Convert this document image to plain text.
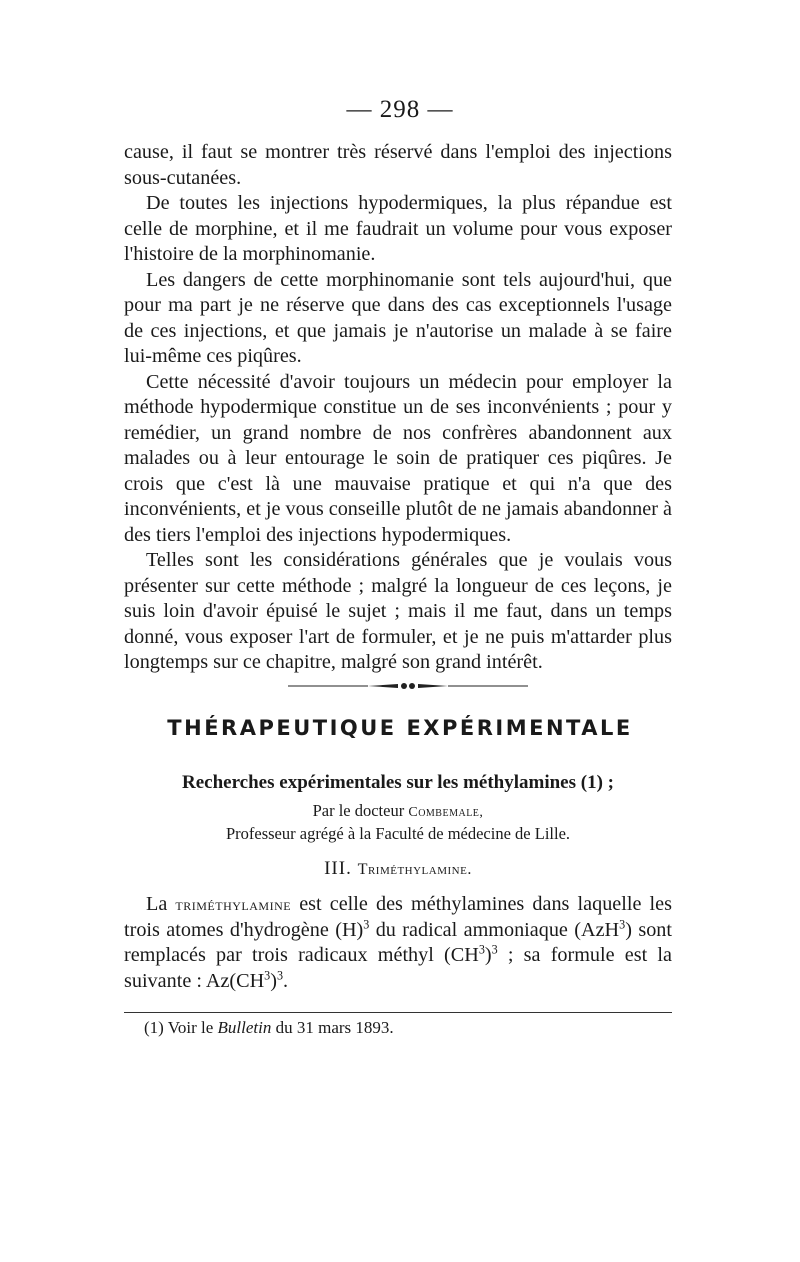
— 298 —

cause, il faut se montrer très réservé dans l'emploi des injections sous-cutanées.

De toutes les injections hypodermiques, la plus répandue est celle de morphine, et il me faudrait un volume pour vous exposer l'histoire de la morphinomanie.

Les dangers de cette morphinomanie sont tels aujourd'hui, que pour ma part je ne réserve que dans des cas exceptionnels l'usage de ces injections, et que jamais je n'autorise un malade à se faire lui-même ces piqûres.

Cette nécessité d'avoir toujours un médecin pour employer la méthode hypodermique constitue un de ses inconvénients ; pour y remédier, un grand nombre de nos confrères abandonnent aux malades ou à leur entourage le soin de pratiquer ces piqûres. Je crois que c'est là une mauvaise pratique et qui n'a que des inconvénients, et je vous conseille plutôt de ne jamais abandonner à des tiers l'emploi des injections hypodermiques.

Telles sont les considérations générales que je voulais vous présenter sur cette méthode ; malgré la longueur de ces leçons, je suis loin d'avoir épuisé le sujet ; mais il me faut, dans un temps donné, vous exposer l'art de formuler, et je ne puis m'attarder plus longtemps sur ce chapitre, malgré son grand intérêt.

THÉRAPEUTIQUE EXPÉRIMENTALE
Recherches expérimentales sur les méthylamines (1) ;
Par le docteur Combemale,
Professeur agrégé à la Faculté de médecine de Lille.
III. Triméthylamine.

La triméthylamine est celle des méthylamines dans laquelle les trois atomes d'hydrogène $(H)^3$ du radical ammoniaque (AzH$^3$) sont remplacés par trois radicaux méthyl $(CH^3)^3$ ; sa formule est la suivante : $Az(CH^3)^3$.

(1) Voir le Bulletin du 31 mars 1893.
